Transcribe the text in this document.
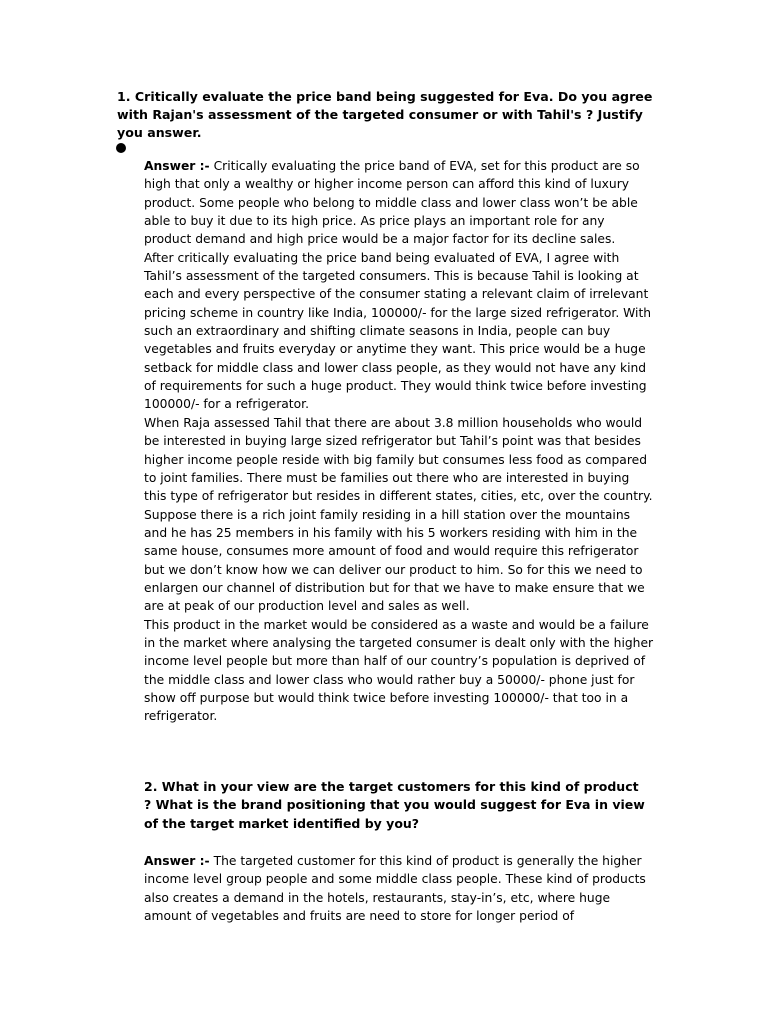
1. Critically evaluate the price band being suggested for Eva. Do you agree with Rajan's assessment of the targeted consumer or with Tahil's ? Justify you answer.

Answer :- Critically evaluating the price band of EVA, set for this product are so high that only a wealthy or higher income person can afford this kind of luxury product. Some people who belong to middle class and lower class won’t be able able to buy it due to its high price. As price plays an important role for any product demand and high price would be a major factor for its decline sales.

After critically evaluating the price band being evaluated of EVA, I agree with Tahil’s assessment of the targeted consumers. This is because Tahil is looking at each and every perspective of the consumer stating a relevant claim of irrelevant pricing scheme in country like India, 100000/- for the large sized refrigerator. With such an extraordinary and shifting climate seasons in India, people can buy vegetables and fruits everyday or anytime they want. This price would be a huge setback for middle class and lower class people, as they would not have any kind of requirements for such a huge product. They would think twice before investing 100000/- for a refrigerator.

When Raja assessed Tahil that there are about 3.8 million households who would be interested in buying large sized refrigerator but Tahil’s point was that besides higher income people reside with big family but consumes less food as compared to joint families. There must be families out there who are interested in buying this type of refrigerator but resides in different states, cities, etc, over the country.

Suppose there is a rich joint family residing in a hill station over the mountains and he has 25 members in his family with his 5 workers residing with him in the same house, consumes more amount of food and would require this refrigerator but we don’t know how we can deliver our product to him. So for this we need to enlargen our channel of distribution but for that we have to make ensure that we are at peak of our production level and sales as well.

This product in the market would be considered as a waste and would be a failure in the market where analysing the targeted consumer is dealt only with the higher income level people but more than half of our country’s population is deprived of the middle class and lower class who would rather buy a 50000/- phone just for show off purpose but would think twice before investing 100000/- that too in a refrigerator.

2. What in your view are the target customers for this kind of product ? What is the brand positioning that you would suggest for Eva in view of the target market identified by you?

Answer :- The targeted customer for this kind of product is generally the higher income level group people and some middle class people. These kind of products also creates a demand in the hotels, restaurants, stay-in’s, etc, where huge amount of vegetables and fruits are need to store for longer period of
